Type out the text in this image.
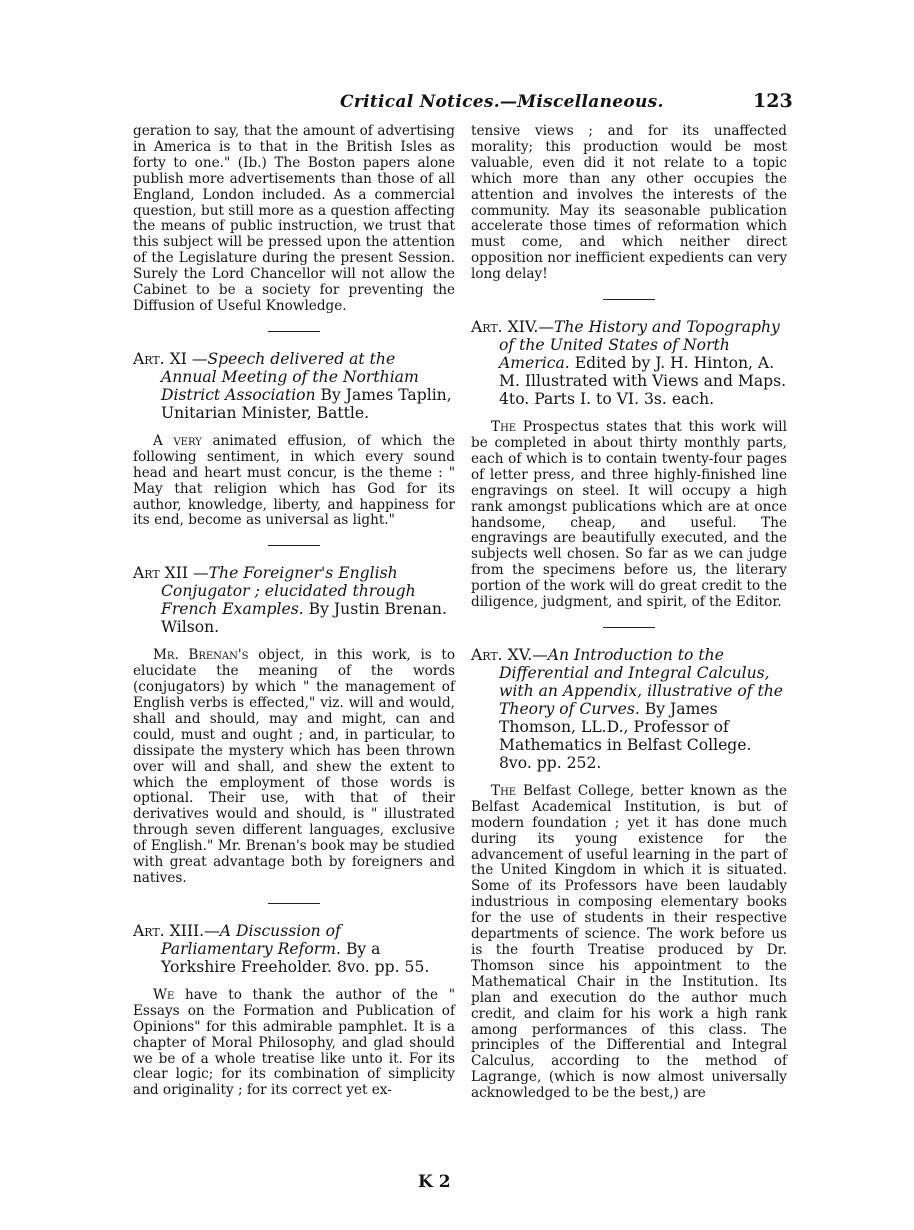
Critical Notices.—Miscellaneous.	123

geration to say, that the amount of advertising in America is to that in the British Isles as forty to one." (Ib.) The Boston papers alone publish more advertisements than those of all England, London included. As a commercial question, but still more as a question affecting the means of public instruction, we trust that this subject will be pressed upon the attention of the Legislature during the present Session. Surely the Lord Chancellor will not allow the Cabinet to be a society for preventing the Diffusion of Useful Knowledge.

Art. XI —Speech delivered at the Annual Meeting of the Northiam District Association By James Taplin, Unitarian Minister, Battle.

A very animated effusion, of which the following sentiment, in which every sound head and heart must concur, is the theme : " May that religion which has God for its author, knowledge, liberty, and happiness for its end, become as universal as light."

Art XII —The Foreigner's English Conjugator ; elucidated through French Examples. By Justin Brenan. Wilson.

Mr. Brenan's object, in this work, is to elucidate the meaning of the words (conjugators) by which " the management of English verbs is effected," viz. will and would, shall and should, may and might, can and could, must and ought ; and, in particular, to dissipate the mystery which has been thrown over will and shall, and shew the extent to which the employment of those words is optional. Their use, with that of their derivatives would and should, is " illustrated through seven different languages, exclusive of English." Mr. Brenan's book may be studied with great advantage both by foreigners and natives.

Art. XIII.—A Discussion of Parliamentary Reform. By a Yorkshire Freeholder. 8vo. pp. 55.

We have to thank the author of the " Essays on the Formation and Publication of Opinions" for this admirable pamphlet. It is a chapter of Moral Philosophy, and glad should we be of a whole treatise like unto it. For its clear logic; for its combination of simplicity and originality ; for its correct yet ex-

tensive views ; and for its unaffected morality; this production would be most valuable, even did it not relate to a topic which more than any other occupies the attention and involves the interests of the community. May its seasonable publication accelerate those times of reformation which must come, and which neither direct opposition nor inefficient expedients can very long delay!

Art. XIV.—The History and Topography of the United States of North America. Edited by J. H. Hinton, A. M. Illustrated with Views and Maps. 4to. Parts I. to VI. 3s. each.

The Prospectus states that this work will be completed in about thirty monthly parts, each of which is to contain twenty-four pages of letter press, and three highly-finished line engravings on steel. It will occupy a high rank amongst publications which are at once handsome, cheap, and useful. The engravings are beautifully executed, and the subjects well chosen. So far as we can judge from the specimens before us, the literary portion of the work will do great credit to the diligence, judgment, and spirit, of the Editor.

Art. XV.—An Introduction to the Differential and Integral Calculus, with an Appendix, illustrative of the Theory of Curves. By James Thomson, LL.D., Professor of Mathematics in Belfast College. 8vo. pp. 252.

The Belfast College, better known as the Belfast Academical Institution, is but of modern foundation ; yet it has done much during its young existence for the advancement of useful learning in the part of the United Kingdom in which it is situated. Some of its Professors have been laudably industrious in composing elementary books for the use of students in their respective departments of science. The work before us is the fourth Treatise produced by Dr. Thomson since his appointment to the Mathematical Chair in the Institution. Its plan and execution do the author much credit, and claim for his work a high rank among performances of this class. The principles of the Differential and Integral Calculus, according to the method of Lagrange, (which is now almost universally acknowledged to be the best,) are

K 2
